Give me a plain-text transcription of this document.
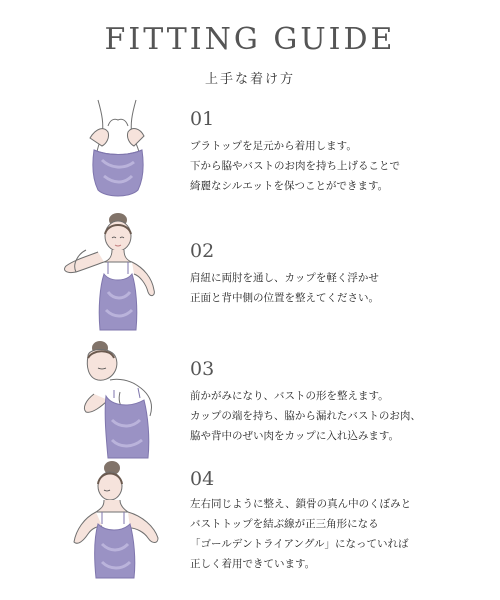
FITTING GUIDE
上手な着け方
01
ブラトップを足元から着用します。
下から脇やバストのお肉を持ち上げることで
綺麗なシルエットを保つことができます。
02
肩紐に両肘を通し、カップを軽く浮かせ
正面と背中側の位置を整えてください。
03
前かがみになり、バストの形を整えます。
カップの端を持ち、脇から漏れたバストのお肉、
脇や背中のぜい肉をカップに入れ込みます。
04
左右同じように整え、鎖骨の真ん中のくぼみと
バストトップを結ぶ線が正三角形になる
「ゴールデントライアングル」になっていれば
正しく着用できています。
